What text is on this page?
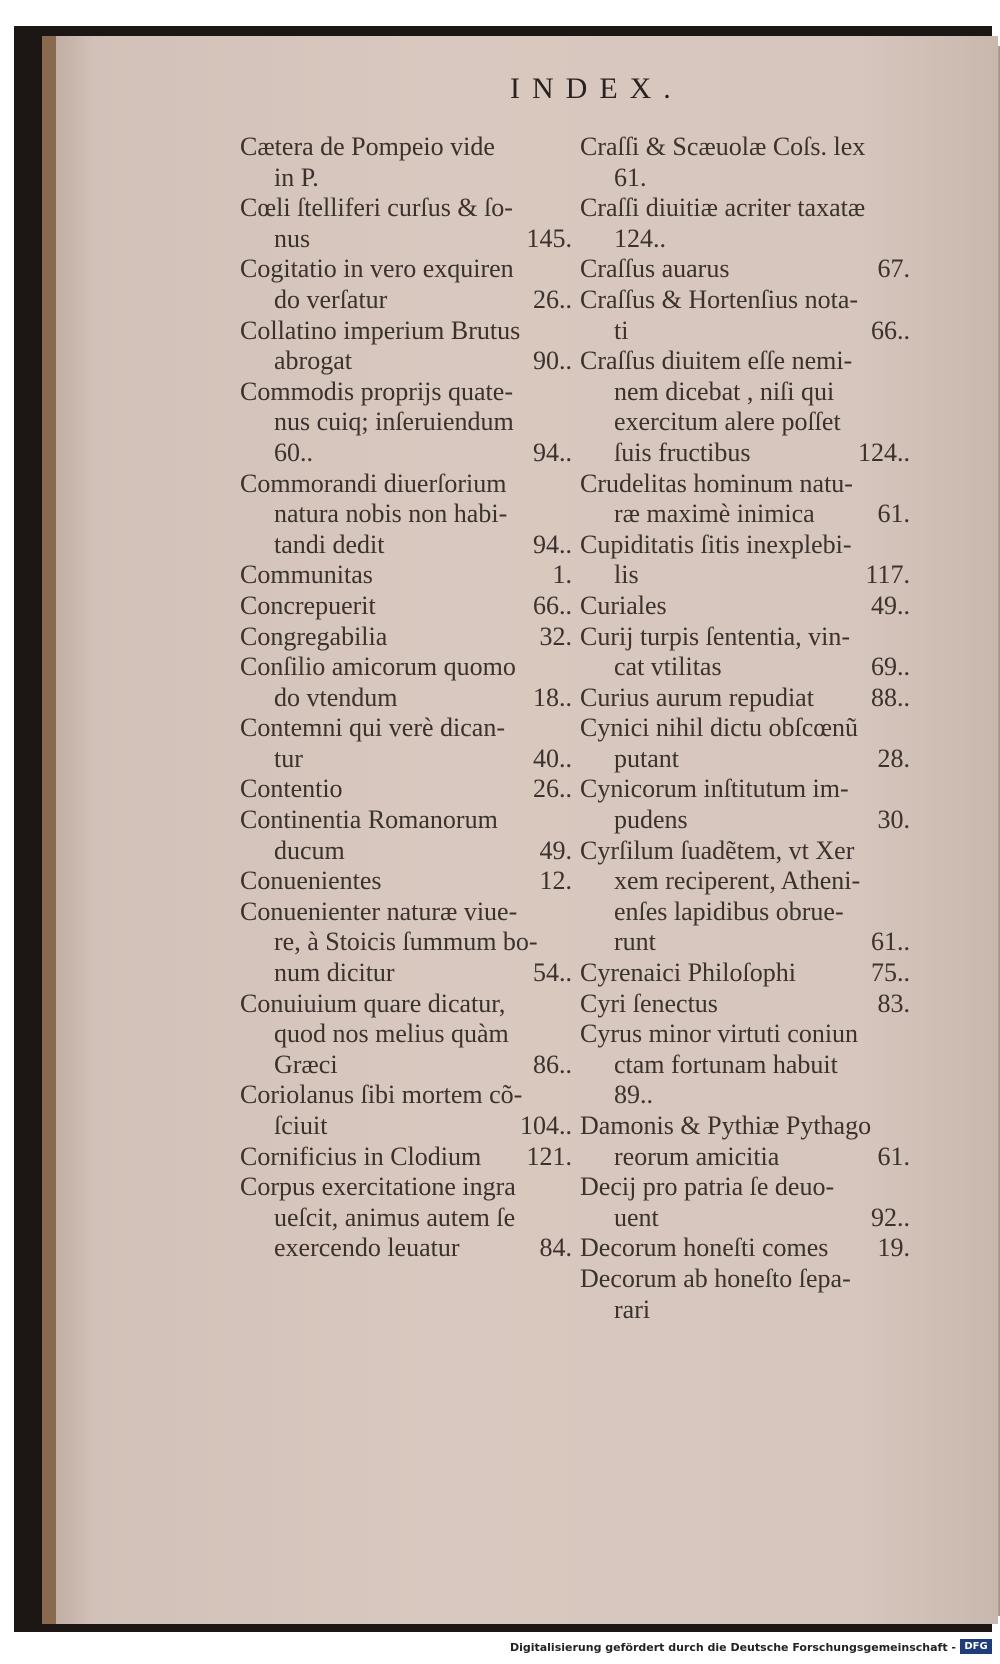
INDEX.
Cætera de Pompeio vide
in P.
Cœli ſtelliferi curſus & ſo-
nus	145.
Cogitatio in vero exquiren
do verſatur	26..
Collatino imperium Brutus
abrogat	90..
Commodis proprijs quate-
nus cuiq; inſeruiendum
60..	94..
Commorandi diuerſorium
natura nobis non habi-
tandi dedit	94..
Communitas	1.
Concrepuerit	66..
Congregabilia	32.
Conſilio amicorum quomo
do vtendum	18..
Contemni qui verè dican-
tur	40..
Contentio	26..
Continentia Romanorum
ducum	49.
Conuenientes	12.
Conuenienter naturæ viue-
re, à Stoicis ſummum bo-
num dicitur	54..
Conuiuium quare dicatur,
quod nos melius quàm
Græci	86..
Coriolanus ſibi mortem cõ-
ſciuit	104..
Cornificius in Clodium 121.
Corpus exercitatione ingra
ueſcit, animus autem ſe
exercendo leuatur	84.
Craſſi & Scæuolæ Coſs. lex
61.
Craſſi diuitiæ acriter taxatæ
124..
Craſſus auarus	67.
Craſſus & Hortenſius nota-
ti	66..
Craſſus diuitem eſſe nemi-
nem dicebat , niſi qui
exercitum alere poſſet
ſuis fructibus	124..
Crudelitas hominum natu-
ræ maximè inimica 61.
Cupiditatis ſitis inexplebi-
lis	117.
Curiales	49..
Curij turpis ſententia, vin-
cat vtilitas	69..
Curius aurum repudiat 88..
Cynici nihil dictu obſcœnũ
putant	28.
Cynicorum inſtitutum im-
pudens	30.
Cyrſilum ſuadẽtem, vt Xer
xem reciperent, Atheni-
enſes lapidibus obrue-
runt	61..
Cyrenaici Philoſophi	75..
Cyri ſenectus	83.
Cyrus minor virtuti coniun
ctam fortunam habuit
89..
Damonis & Pythiæ Pythago
reorum amicitia	61.
Decij pro patria ſe deuo-
uent	92..
Decorum honeſti comes 19.
Decorum ab honeſto ſepa-
rari
Digitalisierung gefördert durch die Deutsche Forschungsgemeinschaft - DFG
